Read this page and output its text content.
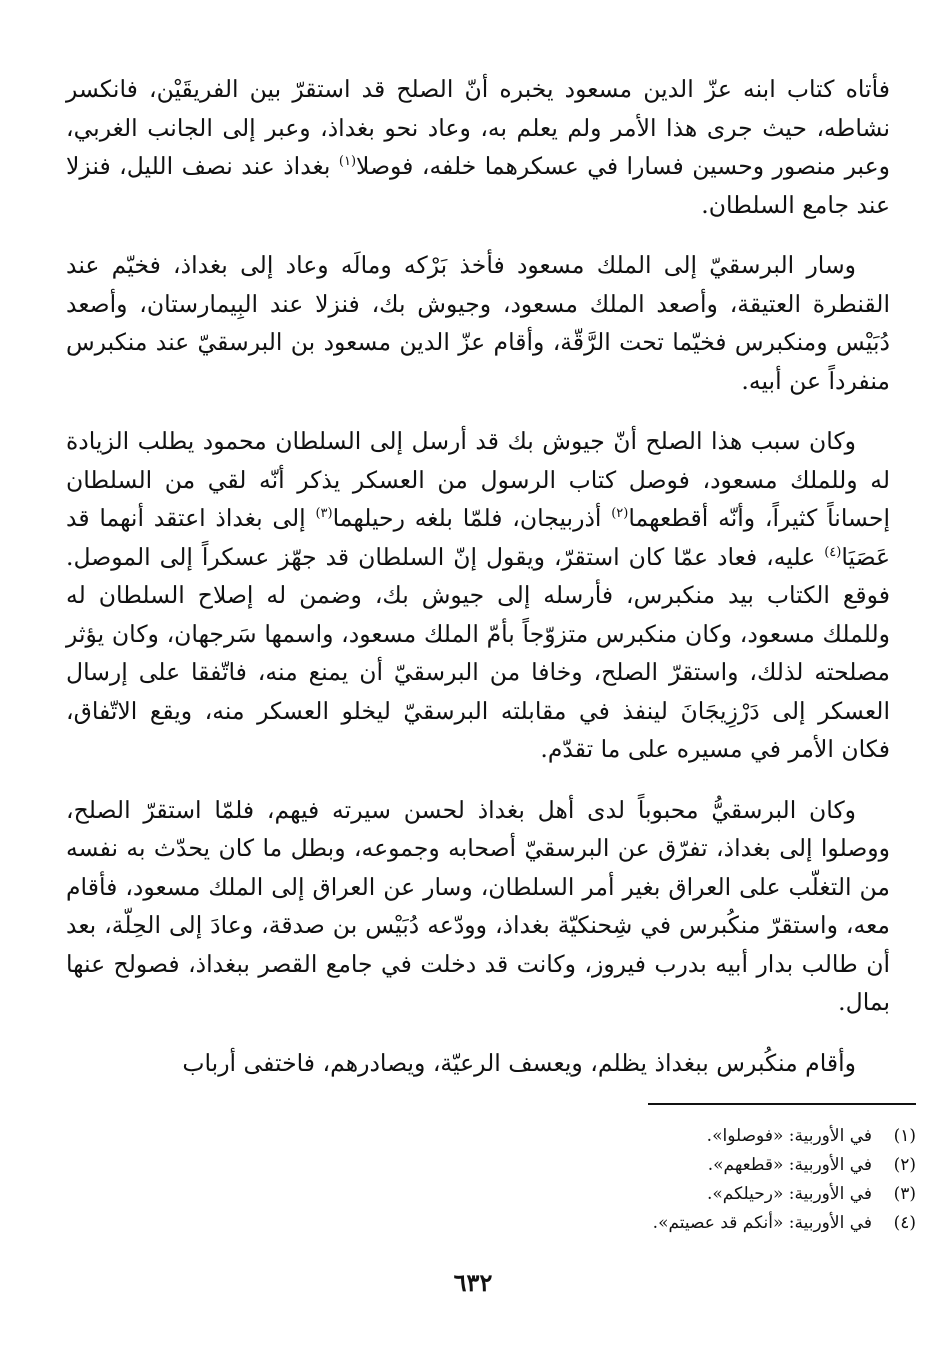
فأتاه كتاب ابنه عزّ الدين مسعود يخبره أنّ الصلح قد استقرّ بين الفريقَيْن، فانكسر نشاطه، حيث جرى هذا الأمر ولم يعلم به، وعاد نحو بغداذ، وعبر إلى الجانب الغربي، وعبر منصور وحسين فسارا في عسكرهما خلفه، فوصلا$^{(١)}$ بغداذ عند نصف الليل، فنزلا عند جامع السلطان.

وسار البرسقيّ إلى الملك مسعود فأخذ بَرْكه ومالَه وعاد إلى بغداذ، فخيّم عند القنطرة العتيقة، وأصعد الملك مسعود، وجيوش بك، فنزلا عند البِيمارستان، وأصعد دُبَيْس ومنكبرس فخيّما تحت الرَّقّة، وأقام عزّ الدين مسعود بن البرسقيّ عند منكبرس منفرداً عن أبيه.

وكان سبب هذا الصلح أنّ جيوش بك قد أرسل إلى السلطان محمود يطلب الزيادة له وللملك مسعود، فوصل كتاب الرسول من العسكر يذكر أنّه لقي من السلطان إحساناً كثيراً، وأنّه أقطعهما$^{(٢)}$ أذربيجان، فلمّا بلغه رحيلهما$^{(٣)}$ إلى بغداذ اعتقد أنهما قد عَصَيَا$^{(٤)}$ عليه، فعاد عمّا كان استقرّ، ويقول إنّ السلطان قد جهّز عسكراً إلى الموصل. فوقع الكتاب بيد منكبرس، فأرسله إلى جيوش بك، وضمن له إصلاح السلطان له وللملك مسعود، وكان منكبرس متزوّجاً بأمّ الملك مسعود، واسمها سَرجهان، وكان يؤثر مصلحته لذلك، واستقرّ الصلح، وخافا من البرسقيّ أن يمنع منه، فاتّفقا على إرسال العسكر إلى دَرْزِيجَانَ لينفذ في مقابلته البرسقيّ ليخلو العسكر منه، ويقع الاتّفاق، فكان الأمر في مسيره على ما تقدّم.

وكان البرسقيُّ محبوباً لدى أهل بغداذ لحسن سيرته فيهم، فلمّا استقرّ الصلح، ووصلوا إلى بغداذ، تفرّق عن البرسقيّ أصحابه وجموعه، وبطل ما كان يحدّث به نفسه من التغلّب على العراق بغير أمر السلطان، وسار عن العراق إلى الملك مسعود، فأقام معه، واستقرّ منكُبرس في شِحنكيّة بغداذ، وودّعه دُبَيْس بن صدقة، وعادَ إلى الحِلّة، بعد أن طالب بدار أبيه بدرب فيروز، وكانت قد دخلت في جامع القصر ببغداذ، فصولح عنها بمال.

وأقام منكُبرس ببغداذ يظلم، ويعسف الرعيّة، ويصادرهم، فاختفى أرباب

(١)
في الأوربية: «فوصلوا».
(٢)
في الأوربية: «قطعهم».
(٣)
في الأوربية: «رحيلكم».
(٤)
في الأوربية: «أنكم قد عصيتم».
٦٣٢
